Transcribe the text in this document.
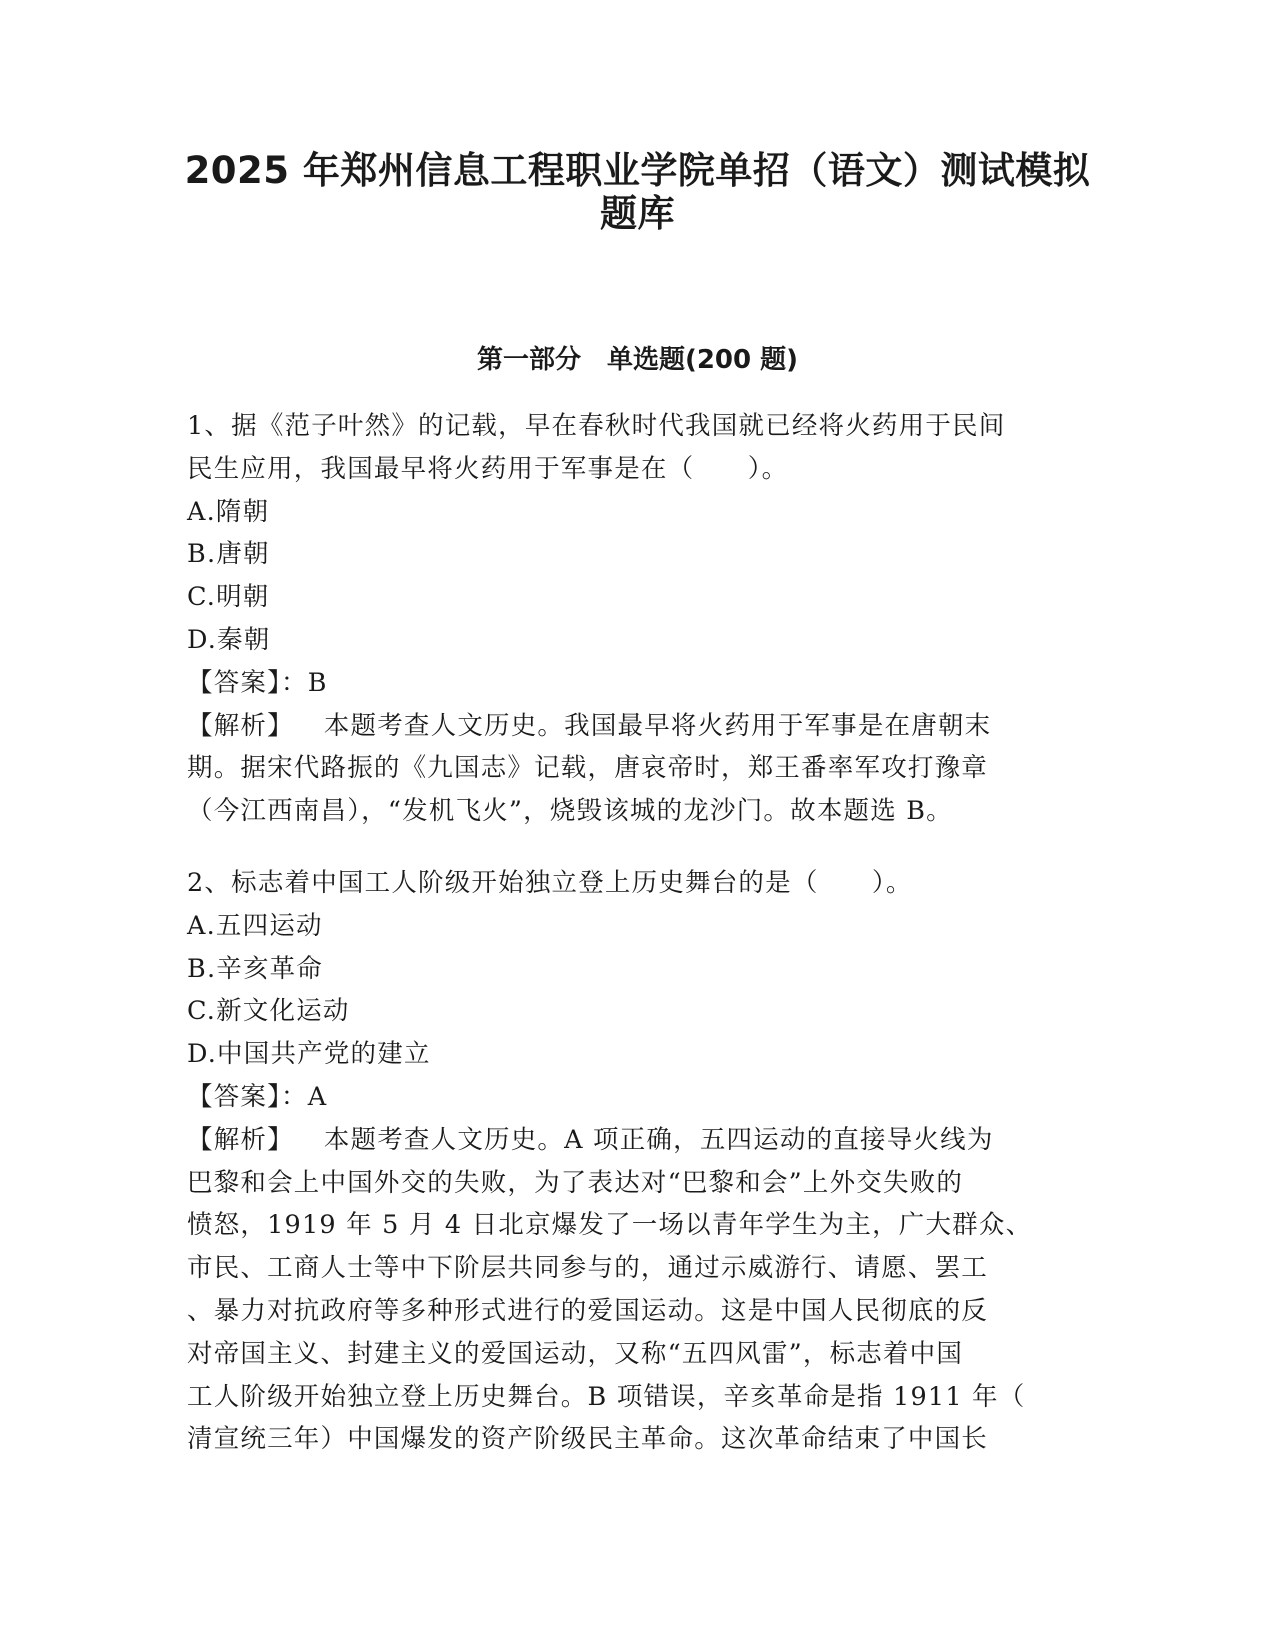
2025 年郑州信息工程职业学院单招（语文）测试模拟
题库
第一部分　单选题(200 题)
1、据《范子叶然》的记载，早在春秋时代我国就已经将火药用于民间
民生应用，我国最早将火药用于军事是在（　　）。
A.隋朝
B.唐朝
C.明朝
D.秦朝
【答案】：B
【解析】 本题考查人文历史。我国最早将火药用于军事是在唐朝末
期。据宋代路振的《九国志》记载，唐哀帝时，郑王番率军攻打豫章
（今江西南昌），“发机飞火”，烧毁该城的龙沙门。故本题选 B。
2、标志着中国工人阶级开始独立登上历史舞台的是（　　）。
A.五四运动
B.辛亥革命
C.新文化运动
D.中国共产党的建立
【答案】：A
【解析】 本题考查人文历史。A 项正确，五四运动的直接导火线为
巴黎和会上中国外交的失败，为了表达对“巴黎和会”上外交失败的
愤怒，1919 年 5 月 4 日北京爆发了一场以青年学生为主，广大群众、
市民、工商人士等中下阶层共同参与的，通过示威游行、请愿、罢工
、暴力对抗政府等多种形式进行的爱国运动。这是中国人民彻底的反
对帝国主义、封建主义的爱国运动，又称“五四风雷”，标志着中国
工人阶级开始独立登上历史舞台。B 项错误，辛亥革命是指 1911 年（
清宣统三年）中国爆发的资产阶级民主革命。这次革命结束了中国长
